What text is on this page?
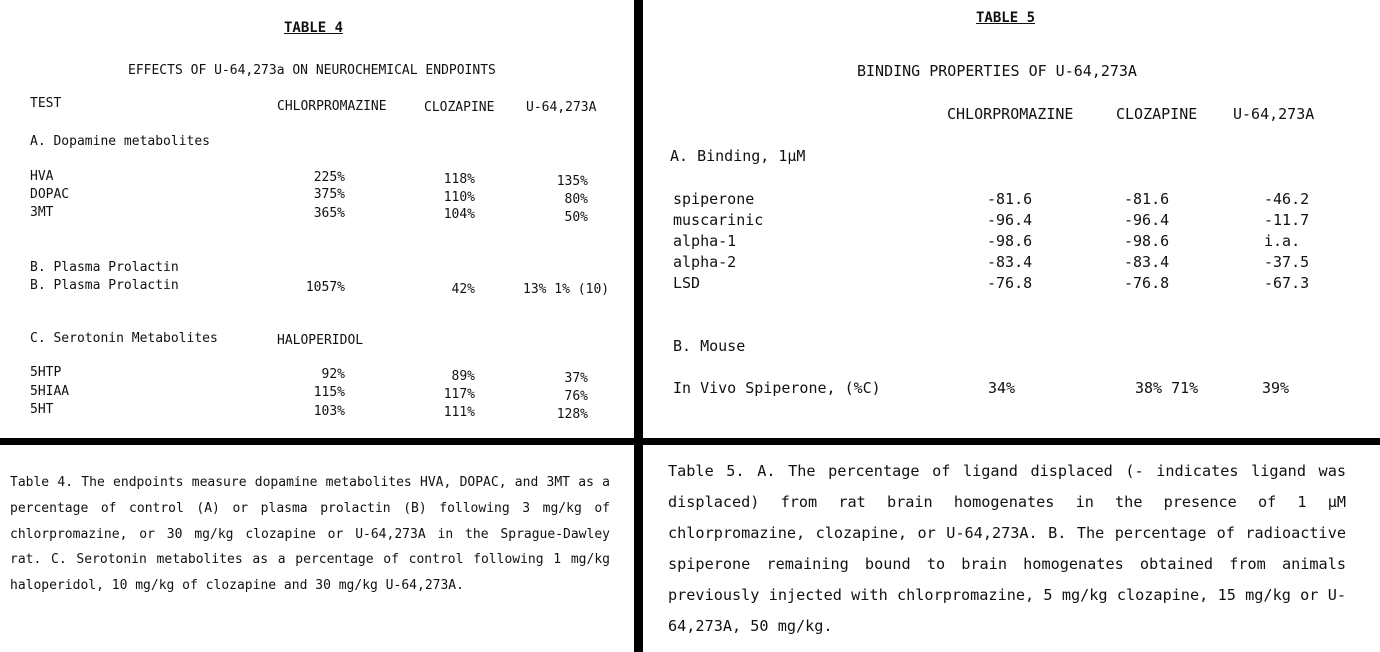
TABLE 4
EFFECTS OF U-64,273a ON NEUROCHEMICAL ENDPOINTS
TEST	CHLORPROMAZINE	CLOZAPINE U-64,273A
A. Dopamine metabolites
HVA	225%	118%	135%
DOPAC	375%	110%	80%
3MT	365%	104%	50%
B. Plasma Prolactin
B. Plasma Prolactin	1057%	42%	13% 1% (10)
C. Serotonin Metabolites	HALOPERIDOL
5HTP	92%	89%	37%
5HIAA	115%	117%	76%
5HT	103%	111%	128%
TABLE 5
BINDING PROPERTIES OF U-64,273A
CHLORPROMAZINE	CLOZAPINE U-64,273A
A. Binding, 1µM
spiperone	-81.6	-81.6	-46.2
muscarinic	-96.4	-96.4	-11.7
alpha-1	-98.6	-98.6	i.a.
alpha-2	-83.4	-83.4	-37.5
LSD	-76.8	-76.8	-67.3
B. Mouse
In Vivo Spiperone, (%C)	34%	38% 71%	39%
Table 4. The endpoints measure dopamine metabolites HVA, DOPAC, and 3MT as a percentage of control (A) or plasma prolactin (B) following 3 mg/kg of chlorpromazine, or 30 mg/kg clozapine or U-64,273A in the Sprague-Dawley rat. C. Serotonin metabolites as a percentage of control following 1 mg/kg haloperidol, 10 mg/kg of clozapine and 30 mg/kg U-64,273A.
Table 5. A. The percentage of ligand displaced (- indicates ligand was displaced) from rat brain homogenates in the presence of 1 µM chlorpromazine, clozapine, or U-64,273A. B. The percentage of radioactive spiperone remaining bound to brain homogenates obtained from animals previously injected with chlorpromazine, 5 mg/kg clozapine, 15 mg/kg or U-64,273A, 50 mg/kg.
